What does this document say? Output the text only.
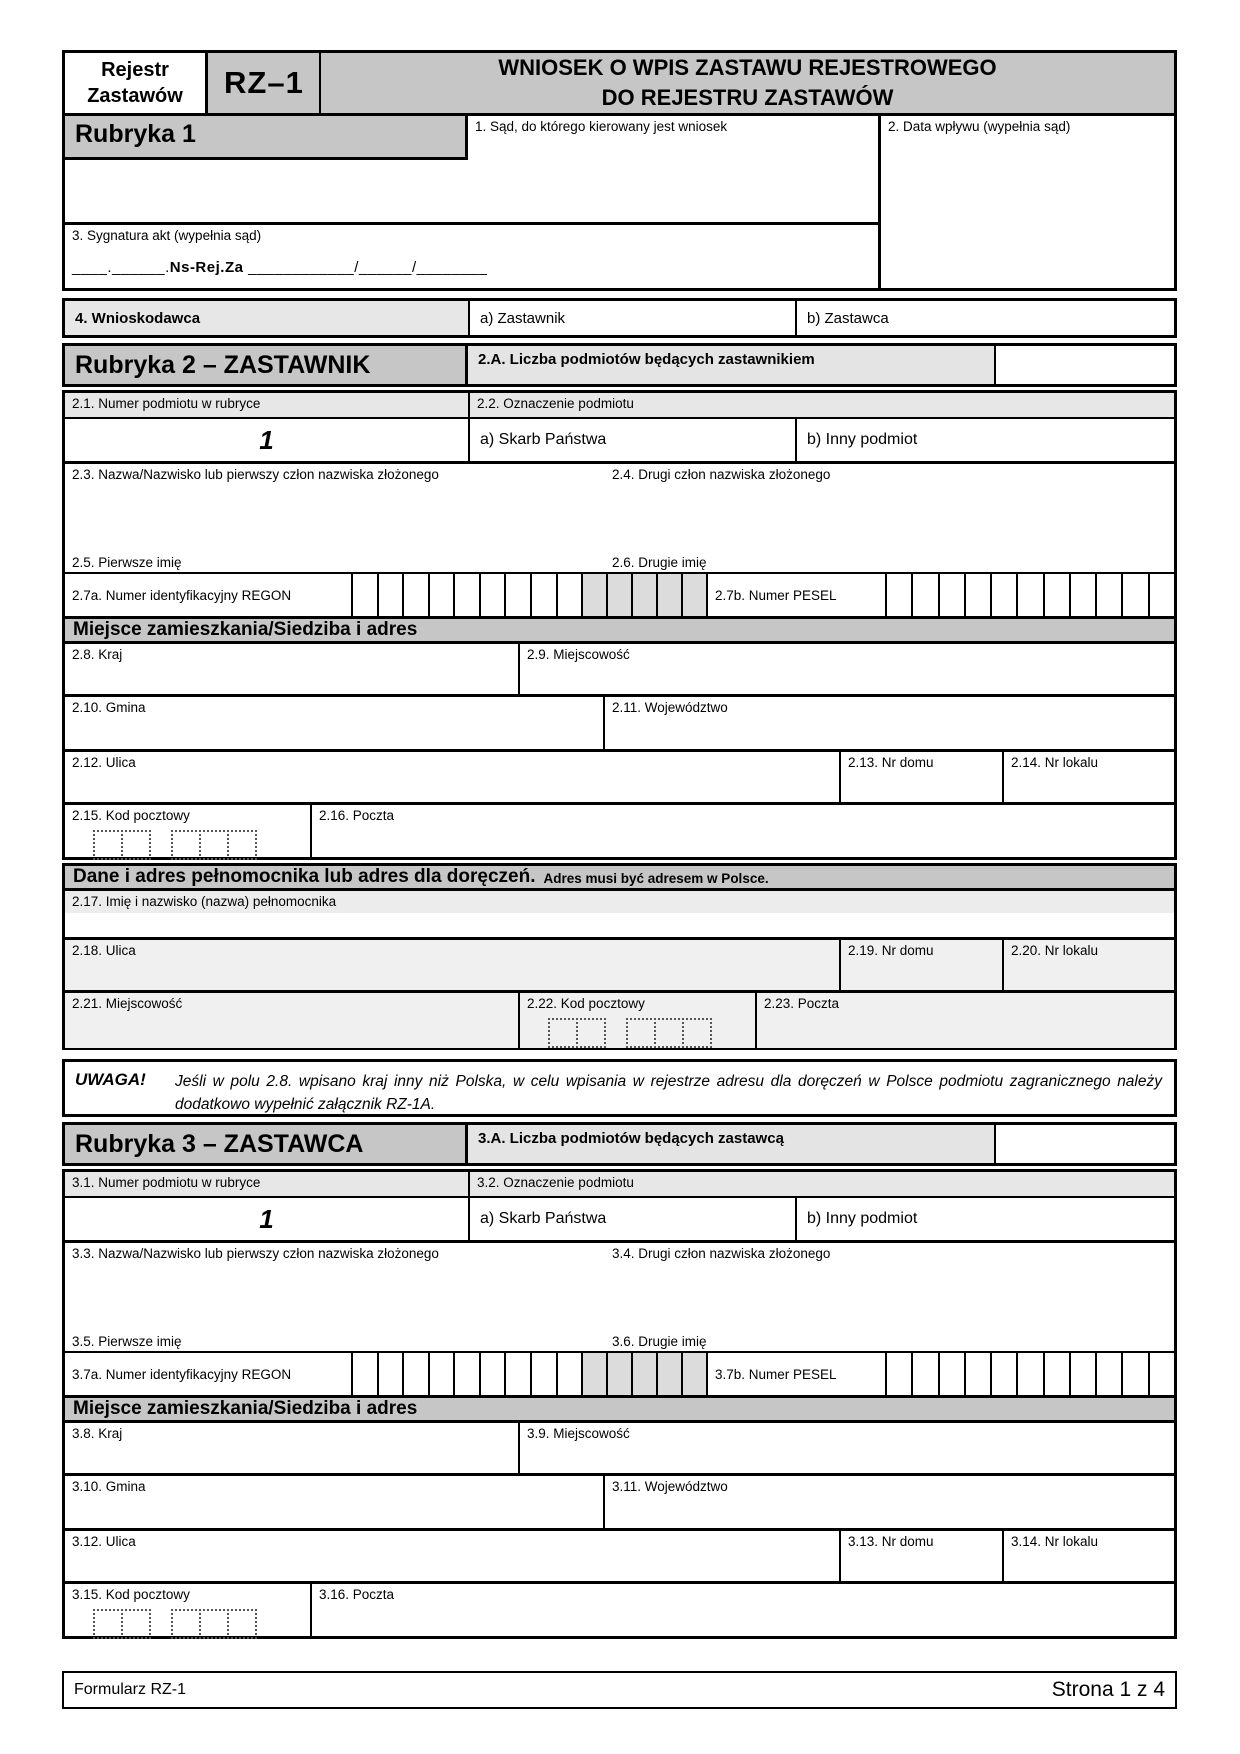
Rejestr
Zastawów	RZ–1	WNIOSEK O WPIS ZASTAWU REJESTROWEGO
DO REJESTRU ZASTAWÓW
Rubryka 1	1. Sąd, do którego kierowany jest wniosek
3. Sygnatura akt (wypełnia sąd)
____.______.Ns-Rej.Za ____________/______/________
2. Data wpływu (wypełnia sąd)
4. Wnioskodawca	a) Zastawnik	b) Zastawca
Rubryka 2 – ZASTAWNIK	2.A. Liczba podmiotów będących zastawnikiem
2.1. Numer podmiotu w rubryce	2.2. Oznaczenie podmiotu
1	a) Skarb Państwa	b) Inny podmiot
2.3. Nazwa/Nazwisko lub pierwszy człon nazwiska złożonego	2.4. Drugi człon nazwiska złożonego
2.5. Pierwsze imię	2.6. Drugie imię
2.7a. Numer identyfikacyjny REGON	2.7b. Numer PESEL
Miejsce zamieszkania/Siedziba i adres
2.8. Kraj	2.9. Miejscowość
2.10. Gmina	2.11. Województwo
2.12. Ulica	2.13. Nr domu	2.14. Nr lokalu
2.15. Kod pocztowy	2.16. Poczta
Dane i adres pełnomocnika lub adres dla doręczeń. Adres musi być adresem w Polsce.
2.17. Imię i nazwisko (nazwa) pełnomocnika
2.18. Ulica	2.19. Nr domu	2.20. Nr lokalu
2.21. Miejscowość	2.22. Kod pocztowy	2.23. Poczta
UWAGA!	Jeśli w polu 2.8. wpisano kraj inny niż Polska, w celu wpisania w rejestrze adresu dla doręczeń w Polsce podmiotu zagranicznego należy dodatkowo wypełnić załącznik RZ-1A.
Rubryka 3 – ZASTAWCA	3.A. Liczba podmiotów będących zastawcą
3.1. Numer podmiotu w rubryce	3.2. Oznaczenie podmiotu
1	a) Skarb Państwa	b) Inny podmiot
3.3. Nazwa/Nazwisko lub pierwszy człon nazwiska złożonego	3.4. Drugi człon nazwiska złożonego
3.5. Pierwsze imię	3.6. Drugie imię
3.7a. Numer identyfikacyjny REGON	3.7b. Numer PESEL
Miejsce zamieszkania/Siedziba i adres
3.8. Kraj	3.9. Miejscowość
3.10. Gmina	3.11. Województwo
3.12. Ulica	3.13. Nr domu	3.14. Nr lokalu
3.15. Kod pocztowy	3.16. Poczta
Formularz RZ-1	Strona 1 z 4
